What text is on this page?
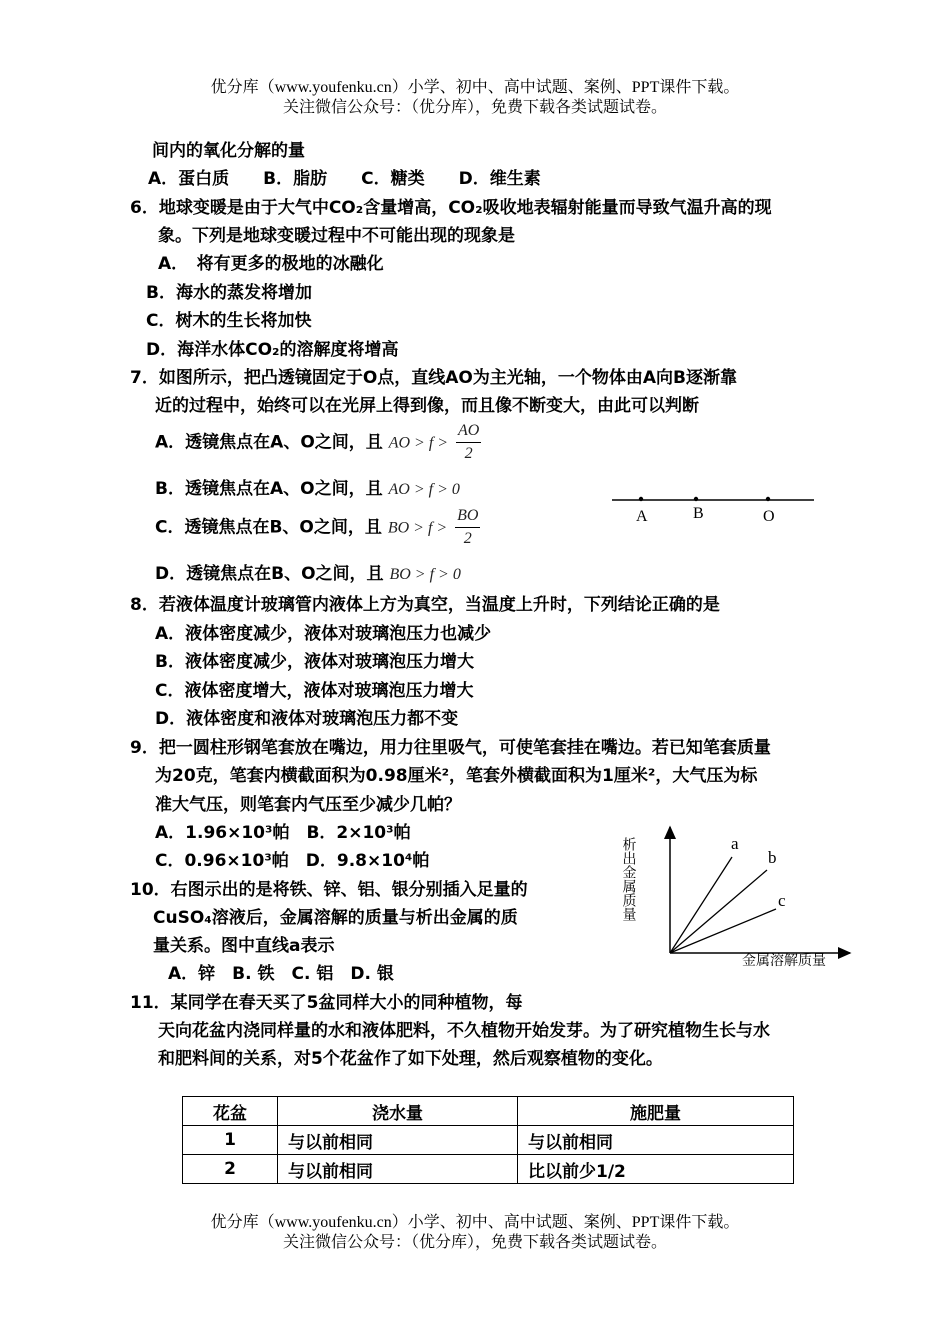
优分库（www.youfenku.cn）小学、初中、高中试题、案例、PPT课件下载。
关注微信公众号：（优分库），免费下载各类试题试卷。
间内的氧化分解的量
A．蛋白质　　B．脂肪　　C．糖类　　D．维生素
6．地球变暖是由于大气中CO₂含量增高，CO₂吸收地表辐射能量而导致气温升高的现
象。下列是地球变暖过程中不可能出现的现象是
A．　将有更多的极地的冰融化
B．海水的蒸发将增加
C．树木的生长将加快
D．海洋水体CO₂的溶解度将增高
7．如图所示，把凸透镜固定于O点，直线AO为主光轴，一个物体由A向B逐渐靠
近的过程中，始终可以在光屏上得到像，而且像不断变大，由此可以判断
A．透镜焦点在A、O之间，且 AO > $f > \frac{AO}{2}$
B．透镜焦点在A、O之间，且 AO > f > 0
C．透镜焦点在B、O之间，且 BO > $f > \frac{BO}{2}$
D．透镜焦点在B、O之间，且 BO > f > 0
A	B	O
8．若液体温度计玻璃管内液体上方为真空，当温度上升时，下列结论正确的是
A．液体密度减少，液体对玻璃泡压力也减少
B．液体密度减少，液体对玻璃泡压力增大
C．液体密度增大，液体对玻璃泡压力增大
D．液体密度和液体对玻璃泡压力都不变
9．把一圆柱形钢笔套放在嘴边，用力往里吸气，可使笔套挂在嘴边。若已知笔套质量
为20克，笔套内横截面积为0.98厘米²，笔套外横截面积为1厘米²，大气压为标
准大气压，则笔套内气压至少减少几帕？
A．1.96×10³帕　B．2×10³帕
C．0.96×10³帕　D．9.8×10⁴帕
10．右图示出的是将铁、锌、铝、银分别插入足量的
CuSO₄溶液后，金属溶解的质量与析出金属的质
量关系。图中直线a表示
A．锌　B. 铁　C. 铝　D. 银
a
b
c
金属溶解质量
析出金属质量
11．某同学在春天买了5盆同样大小的同种植物，每
天向花盆内浇同样量的水和液体肥料，不久植物开始发芽。为了研究植物生长与水
和肥料间的关系，对5个花盆作了如下处理，然后观察植物的变化。
花盆	浇水量	施肥量
1	与以前相同	与以前相同
2	与以前相同	比以前少1/2
优分库（www.youfenku.cn）小学、初中、高中试题、案例、PPT课件下载。
关注微信公众号：（优分库），免费下载各类试题试卷。
